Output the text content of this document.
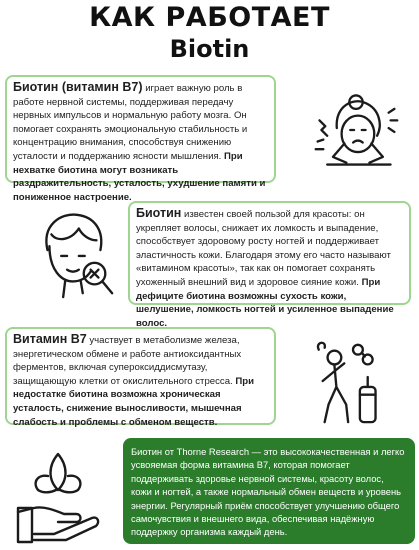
КАК РАБОТАЕТ
Biotin
Биотин (витамин B7) играет важную роль в работе нервной системы, поддерживая передачу нервных импульсов и нормальную работу мозга. Он помогает сохранять эмоциональную стабильность и концентрацию внимания, способствуя снижению усталости и поддержанию ясности мышления. При нехватке биотина могут возникать раздражительность, усталость, ухудшение памяти и пониженное настроение.
Биотин известен своей пользой для красоты: он укрепляет волосы, снижает их ломкость и выпадение, способствует здоровому росту ногтей и поддерживает эластичность кожи. Благодаря этому его часто называют «витамином красоты», так как он помогает сохранять ухоженный внешний вид и здоровое сияние кожи. При дефиците биотина возможны сухость кожи, шелушение, ломкость ногтей и усиленное выпадение волос.
Витамин B7 участвует в метаболизме железа, энергетическом обмене и работе антиоксидантных ферментов, включая супероксиддисмутазу, защищающую клетки от окислительного стресса. При недостатке биотина возможна хроническая усталость, снижение выносливости, мышечная слабость и проблемы с обменом веществ.
Биотин от Thorne Research — это высококачественная и легко усвояемая форма витамина B7, которая помогает поддерживать здоровье нервной системы, красоту волос, кожи и ногтей, а также нормальный обмен веществ и уровень энергии. Регулярный приём способствует улучшению общего самочувствия и внешнего вида, обеспечивая надёжную поддержку организма каждый день.
